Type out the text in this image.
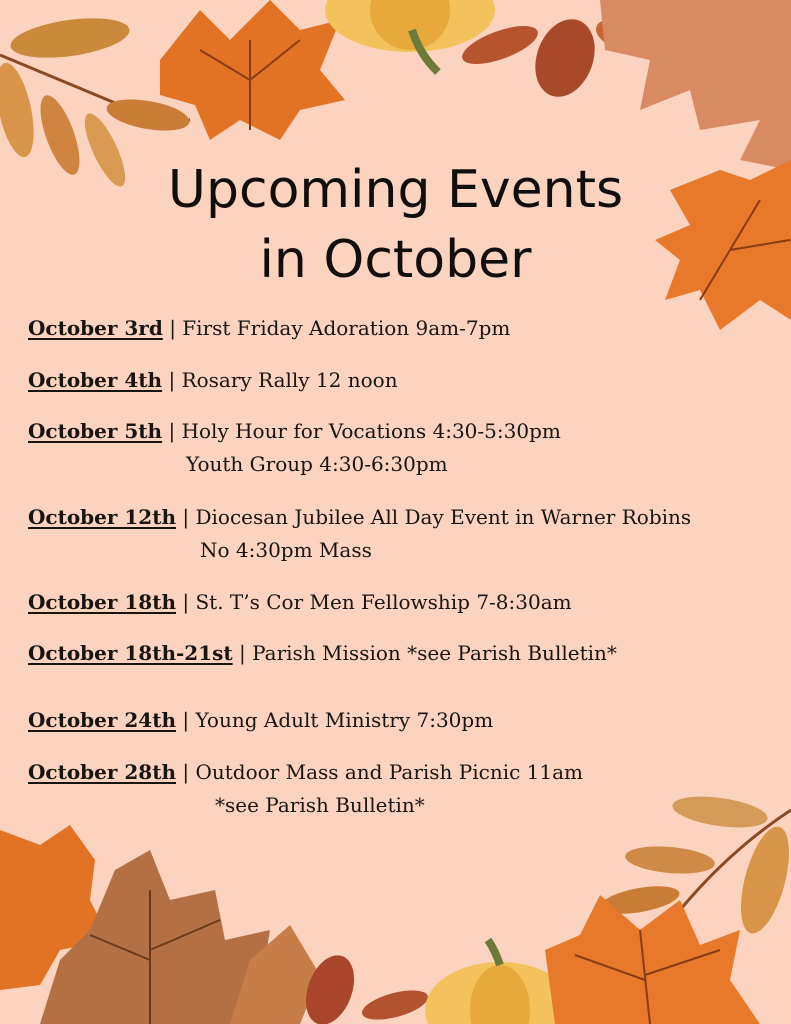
Upcoming Events
in October
October 3rd | First Friday Adoration 9am-7pm
October 4th | Rosary Rally 12 noon
October 5th | Holy Hour for Vocations 4:30-5:30pm
Youth Group 4:30-6:30pm
October 12th | Diocesan Jubilee All Day Event in Warner Robins
No 4:30pm Mass
October 18th | St. T’s Cor Men Fellowship 7-8:30am
October 18th-21st | Parish Mission *see Parish Bulletin*
October 24th | Young Adult Ministry 7:30pm
October 28th | Outdoor Mass and Parish Picnic 11am
*see Parish Bulletin*
